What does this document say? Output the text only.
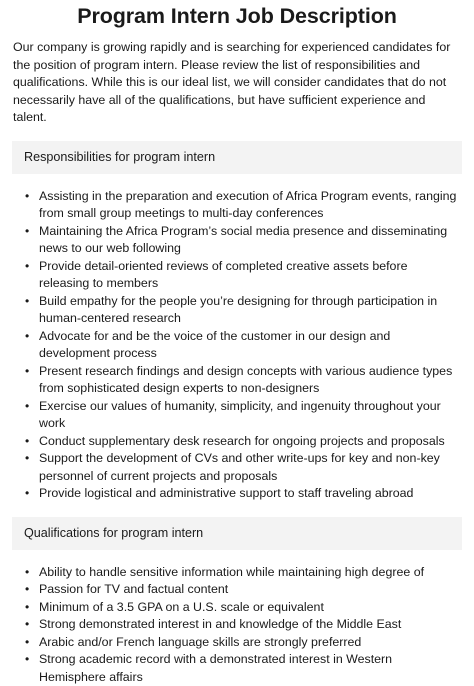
Program Intern Job Description

Our company is growing rapidly and is searching for experienced candidates for the position of program intern. Please review the list of responsibilities and qualifications. While this is our ideal list, we will consider candidates that do not necessarily have all of the qualifications, but have sufficient experience and talent.

Responsibilities for program intern
• Assisting in the preparation and execution of Africa Program events, ranging from small group meetings to multi-day conferences
• Maintaining the Africa Program’s social media presence and disseminating news to our web following
• Provide detail-oriented reviews of completed creative assets before releasing to members
• Build empathy for the people you’re designing for through participation in human-centered research
• Advocate for and be the voice of the customer in our design and development process
• Present research findings and design concepts with various audience types from sophisticated design experts to non-designers
• Exercise our values of humanity, simplicity, and ingenuity throughout your work
• Conduct supplementary desk research for ongoing projects and proposals
• Support the development of CVs and other write-ups for key and non-key personnel of current projects and proposals
• Provide logistical and administrative support to staff traveling abroad
Qualifications for program intern
• Ability to handle sensitive information while maintaining high degree of
• Passion for TV and factual content
• Minimum of a 3.5 GPA on a U.S. scale or equivalent
• Strong demonstrated interest in and knowledge of the Middle East
• Arabic and/or French language skills are strongly preferred
• Strong academic record with a demonstrated interest in Western Hemisphere affairs
